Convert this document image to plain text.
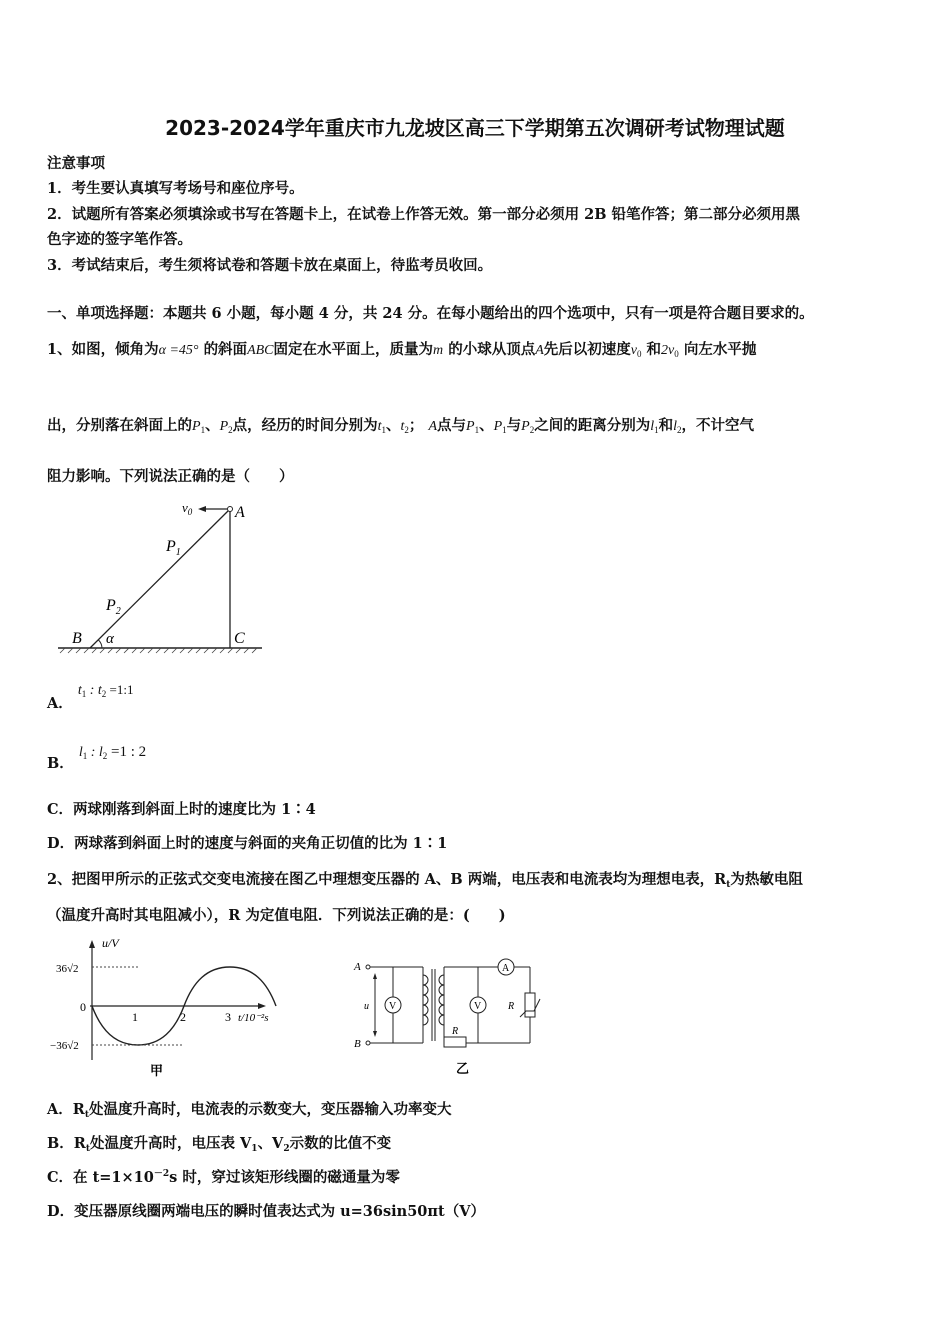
2023-2024学年重庆市九龙坡区高三下学期第五次调研考试物理试题
注意事项
1．考生要认真填写考场号和座位序号。
2．试题所有答案必须填涂或书写在答题卡上，在试卷上作答无效。第一部分必须用 2B 铅笔作答；第二部分必须用黑
色字迹的签字笔作答。
3．考试结束后，考生须将试卷和答题卡放在桌面上，待监考员收回。
一、单项选择题：本题共 6 小题，每小题 4 分，共 24 分。在每小题给出的四个选项中，只有一项是符合题目要求的。
1、如图，倾角为α =45° 的斜面ABC固定在水平面上，质量为m 的小球从顶点A先后以初速度$v_0$ 和$2v_0$ 向左水平抛
出，分别落在斜面上的$P_1$、$P_2$点，经历的时间分别为$t_1$、$t_2$； A点与$P_1$、$P_1$与$P_2$之间的距离分别为$l_1$和$l_2$，不计空气
阻力影响。下列说法正确的是（　　）
$v_0$	A
$P_1$
$P_2$
B α	C
A． $t_1$ : $t_2$ =1:1
B． $l_1$ : $l_2 =1$ : 2
C．两球刚落到斜面上时的速度比为 1∶4
D．两球落到斜面上时的速度与斜面的夹角正切值的比为 1∶1
2、把图甲所示的正弦式交变电流接在图乙中理想变压器的 A、B 两端，电压表和电流表均为理想电表，$R_t$为热敏电阻
（温度升高时其电阻减小），R 为定值电阻．下列说法正确的是：(　　)
u/V
36√2
−36√2
0
1	2	3 t/10⁻²s
甲
A
B
u V
A
V	R
R
乙
A．$R_t$处温度升高时，电流表的示数变大，变压器输入功率变大
B．$R_t$处温度升高时，电压表 $V_1$、$V_2$示数的比值不变
C．在 $t=1\times 10^{-2}s$ 时，穿过该矩形线圈的磁通量为零
D．变压器原线圈两端电压的瞬时值表达式为 u=36sin50πt（V）
